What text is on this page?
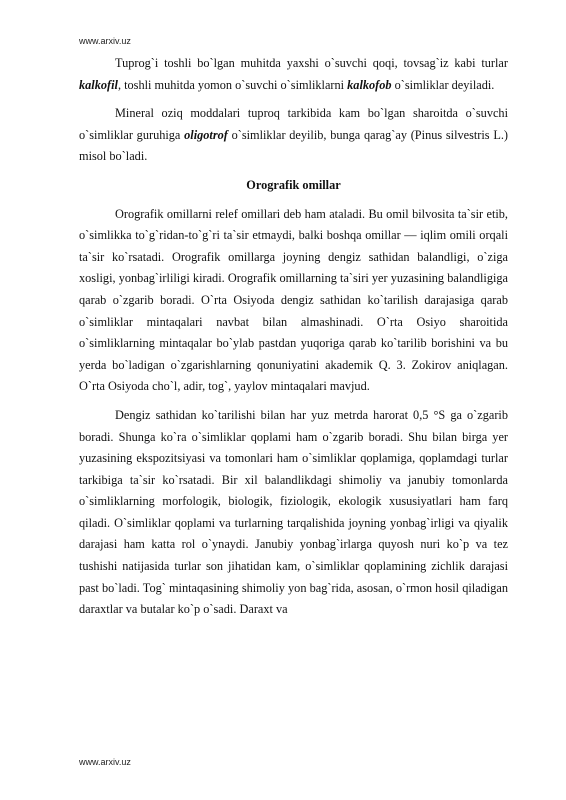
www.arxiv.uz

Tuprog`i toshli bo`lgan muhitda yaxshi o`suvchi qoqi, tovsag`iz kabi turlar kalkofil, toshli muhitda yomon o`suvchi o`simliklarni kalkofob o`simliklar deyiladi.

Mineral oziq moddalari tuproq tarkibida kam bo`lgan sharoitda o`suvchi o`simliklar guruhiga oligotrof o`simliklar deyilib, bunga qarag`ay (Pinus silvestris L.) misol bo`ladi.

Orografik omillar

Orografik omillarni relef omillari deb ham ataladi. Bu omil bilvosita ta`sir etib, o`simlikka to`g`ridan-to`g`ri ta`sir etmaydi, balki boshqa omillar — iqlim omili orqali ta`sir ko`rsatadi. Orografik omillarga joyning dengiz sathidan balandligi, o`ziga xosligi, yonbag`irliligi kiradi. Orografik omillarning ta`siri yer yuzasining balandligiga qarab o`zgarib boradi. O`rta Osiyoda dengiz sathidan ko`tarilish darajasiga qarab o`simliklar mintaqalari navbat bilan almashinadi. O`rta Osiyo sharoitida o`simliklarning mintaqalar bo`ylab pastdan yuqoriga qarab ko`tarilib borishini va bu yerda bo`ladigan o`zgarishlarning qonuniyatini akademik Q. 3. Zokirov aniqlagan. O`rta Osiyoda cho`l, adir, tog`, yaylov mintaqalari mavjud.

Dengiz sathidan ko`tarilishi bilan har yuz metrda harorat 0,5 °S ga o`zgarib boradi. Shunga ko`ra o`simliklar qoplami ham o`zgarib boradi. Shu bilan birga yer yuzasining ekspozitsiyasi va tomonlari ham o`simliklar qoplamiga, qoplamdagi turlar tarkibiga ta`sir ko`rsatadi. Bir xil balandlikdagi shimoliy va janubiy tomonlarda o`simliklarning morfologik, biologik, fiziologik, ekologik xususiyatlari ham farq qiladi. O`simliklar qoplami va turlarning tarqalishida joyning yonbag`irligi va qiyalik darajasi ham katta rol o`ynaydi. Janubiy yonbag`irlarga quyosh nuri ko`p va tez tushishi natijasida turlar son jihatidan kam, o`simliklar qoplamining zichlik darajasi past bo`ladi. Tog` mintaqasining shimoliy yon bag`rida, asosan, o`rmon hosil qiladigan daraxtlar va butalar ko`p o`sadi. Daraxt va

www.arxiv.uz
